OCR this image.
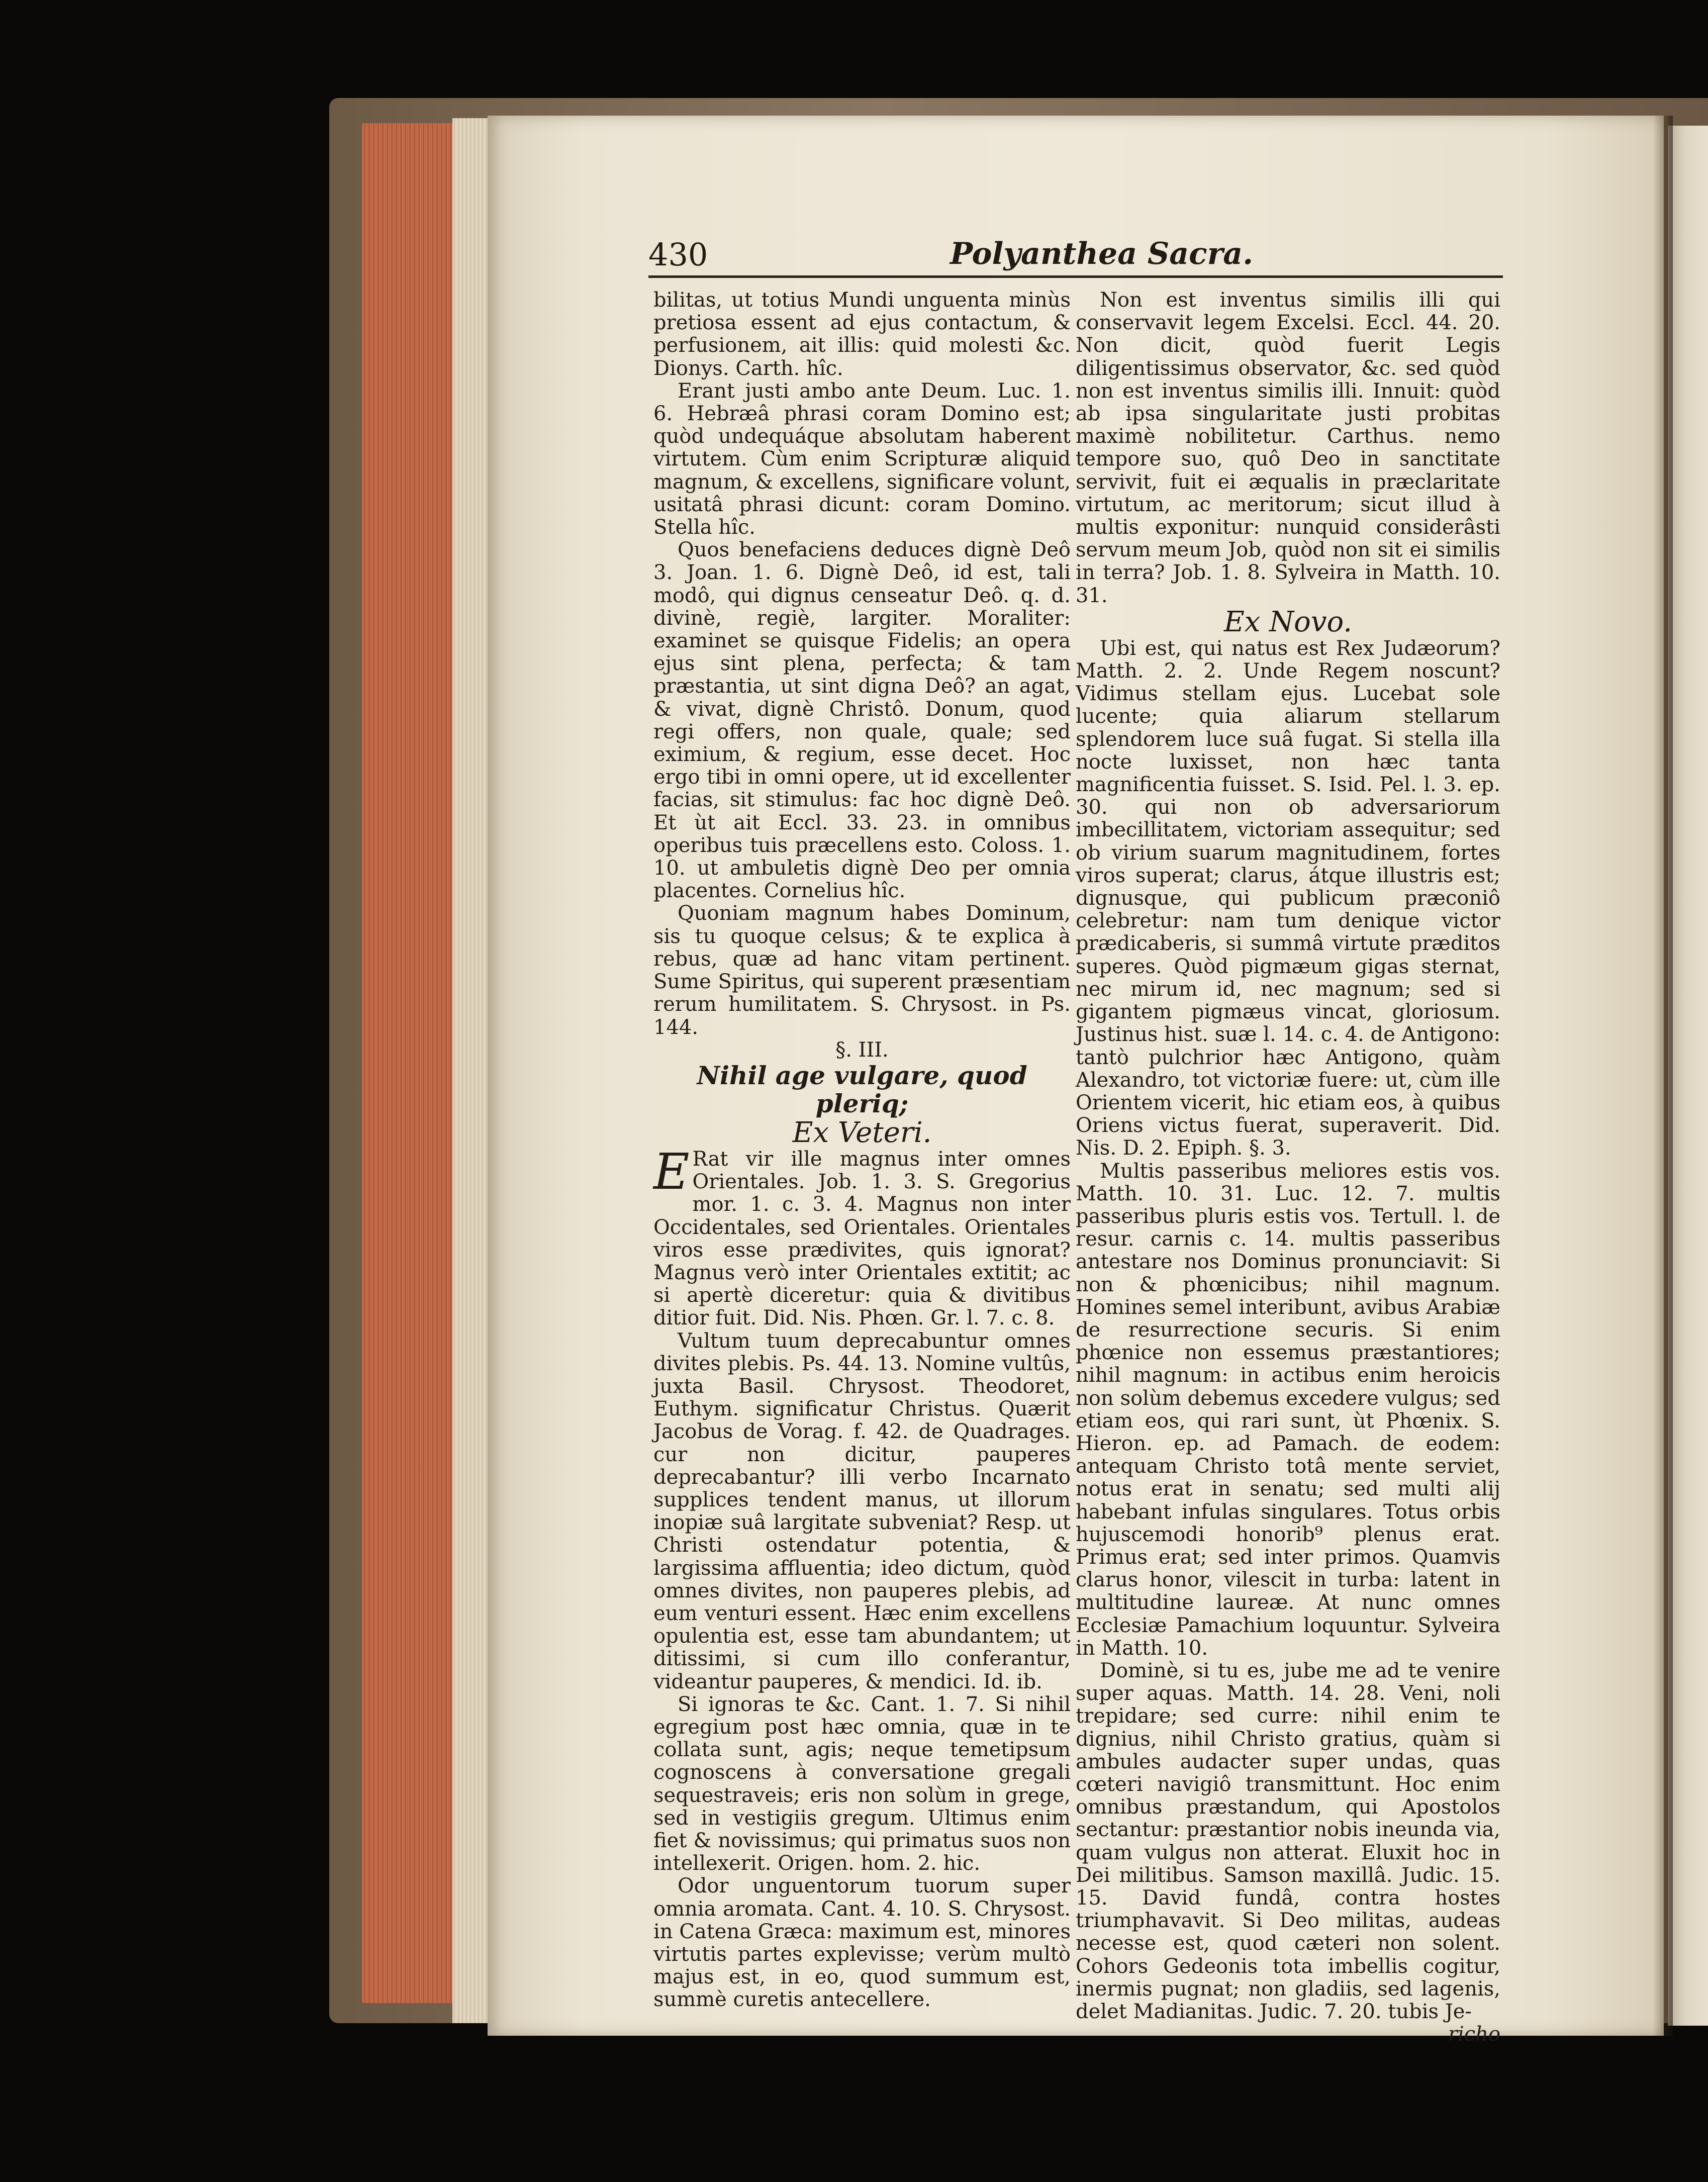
430	Polyanthea Sacra.

bilitas, ut totius Mundi unguenta minùs pretiosa essent ad ejus contactum, & perfusionem, ait illis: quid molesti &c. Dionys. Carth. hîc.

Erant justi ambo ante Deum. Luc. 1. 6. Hebræâ phrasi coram Domino est; quòd undequáque absolutam haberent virtutem. Cùm enim Scripturæ aliquid magnum, & excellens, significare volunt, usitatâ phrasi dicunt: coram Domino. Stella hîc.

Quos benefaciens deduces dignè Deô 3. Joan. 1. 6. Dignè Deô, id est, tali modô, qui dignus censeatur Deô. q. d. divinè, regiè, largiter. Moraliter: examinet se quisque Fidelis; an opera ejus sint plena, perfecta; & tam præstantia, ut sint digna Deô? an agat, & vivat, dignè Christô. Donum, quod regi offers, non quale, quale; sed eximium, & regium, esse decet. Hoc ergo tibi in omni opere, ut id excellenter facias, sit stimulus: fac hoc dignè Deô. Et ùt ait Eccl. 33. 23. in omnibus operibus tuis præcellens esto. Coloss. 1. 10. ut ambuletis dignè Deo per omnia placentes. Cornelius hîc.

Quoniam magnum habes Dominum, sis tu quoque celsus; & te explica à rebus, quæ ad hanc vitam pertinent. Sume Spiritus, qui superent præsentiam rerum humilitatem. S. Chrysost. in Ps. 144.

§. III.

Nihil age vulgare, quod pleriq;

Ex Veteri.

E Rat vir ille magnus inter omnes Orientales. Job. 1. 3. S. Gregorius mor. 1. c. 3. 4. Magnus non inter Occidentales, sed Orientales. Orientales viros esse prædivites, quis ignorat? Magnus verò inter Orientales extitit; ac si apertè diceretur: quia & divitibus ditior fuit. Did. Nis. Phœn. Gr. l. 7. c. 8.

Vultum tuum deprecabuntur omnes divites plebis. Ps. 44. 13. Nomine vultûs, juxta Basil. Chrysost. Theodoret, Euthym. significatur Christus. Quærit Jacobus de Vorag. f. 42. de Quadrages. cur non dicitur, pauperes deprecabantur? illi verbo Incarnato supplices tendent manus, ut illorum inopiæ suâ largitate subveniat? Resp. ut Christi ostendatur potentia, & largissima affluentia; ideo dictum, quòd omnes divites, non pauperes plebis, ad eum venturi essent. Hæc enim excellens opulentia est, esse tam abundantem; ut ditissimi, si cum illo conferantur, videantur pauperes, & mendici. Id. ib.

Si ignoras te &c. Cant. 1. 7. Si nihil egregium post hæc omnia, quæ in te collata sunt, agis; neque temetipsum cognoscens à conversatione gregali sequestraveis; eris non solùm in grege, sed in vestigiis gregum. Ultimus enim fiet & novissimus; qui primatus suos non intellexerit. Origen. hom. 2. hic.

Odor unguentorum tuorum super omnia aromata. Cant. 4. 10. S. Chrysost. in Catena Græca: maximum est, minores virtutis partes explevisse; verùm multò majus est, in eo, quod summum est, summè curetis antecellere.

Non est inventus similis illi qui conservavit legem Excelsi. Eccl. 44. 20. Non dicit, quòd fuerit Legis diligentissimus observator, &c. sed quòd non est inventus similis illi. Innuit: quòd ab ipsa singularitate justi probitas maximè nobilitetur. Carthus. nemo tempore suo, quô Deo in sanctitate servivit, fuit ei æqualis in præclaritate virtutum, ac meritorum; sicut illud à multis exponitur: nunquid considerâsti servum meum Job, quòd non sit ei similis in terra? Job. 1. 8. Sylveira in Matth. 10. 31.

Ex Novo.

Ubi est, qui natus est Rex Judæorum? Matth. 2. 2. Unde Regem noscunt? Vidimus stellam ejus. Lucebat sole lucente; quia aliarum stellarum splendorem luce suâ fugat. Si stella illa nocte luxisset, non hæc tanta magnificentia fuisset. S. Isid. Pel. l. 3. ep. 30. qui non ob adversariorum imbecillitatem, victoriam assequitur; sed ob virium suarum magnitudinem, fortes viros superat; clarus, átque illustris est; dignusque, qui publicum præconiô celebretur: nam tum denique victor prædicaberis, si summâ virtute præditos superes. Quòd pigmæum gigas sternat, nec mirum id, nec magnum; sed si gigantem pigmæus vincat, gloriosum. Justinus hist. suæ l. 14. c. 4. de Antigono: tantò pulchrior hæc Antigono, quàm Alexandro, tot victoriæ fuere: ut, cùm ille Orientem vicerit, hic etiam eos, à quibus Oriens victus fuerat, superaverit. Did. Nis. D. 2. Epiph. §. 3.

Multis passeribus meliores estis vos. Matth. 10. 31. Luc. 12. 7. multis passeribus pluris estis vos. Tertull. l. de resur. carnis c. 14. multis passeribus antestare nos Dominus pronunciavit: Si non & phœnicibus; nihil magnum. Homines semel interibunt, avibus Arabiæ de resurrectione securis. Si enim phœnice non essemus præstantiores; nihil magnum: in actibus enim heroicis non solùm debemus excedere vulgus; sed etiam eos, qui rari sunt, ùt Phœnix. S. Hieron. ep. ad Pamach. de eodem: antequam Christo totâ mente serviet, notus erat in senatu; sed multi alij habebant infulas singulares. Totus orbis hujuscemodi honorib⁹ plenus erat. Primus erat; sed inter primos. Quamvis clarus honor, vilescit in turba: latent in multitudine laureæ. At nunc omnes Ecclesiæ Pamachium loquuntur. Sylveira in Matth. 10.

Dominè, si tu es, jube me ad te venire super aquas. Matth. 14. 28. Veni, noli trepidare; sed curre: nihil enim te dignius, nihil Christo gratius, quàm si ambules audacter super undas, quas cœteri navigiô transmittunt. Hoc enim omnibus præstandum, qui Apostolos sectantur: præstantior nobis ineunda via, quam vulgus non atterat. Eluxit hoc in Dei militibus. Samson maxillâ. Judic. 15. 15. David fundâ, contra hostes triumphavavit. Si Deo militas, audeas necesse est, quod cæteri non solent. Cohors Gedeonis tota imbellis cogitur, inermis pugnat; non gladiis, sed lagenis, delet Madianitas. Judic. 7. 20. tubis Je-

richo
